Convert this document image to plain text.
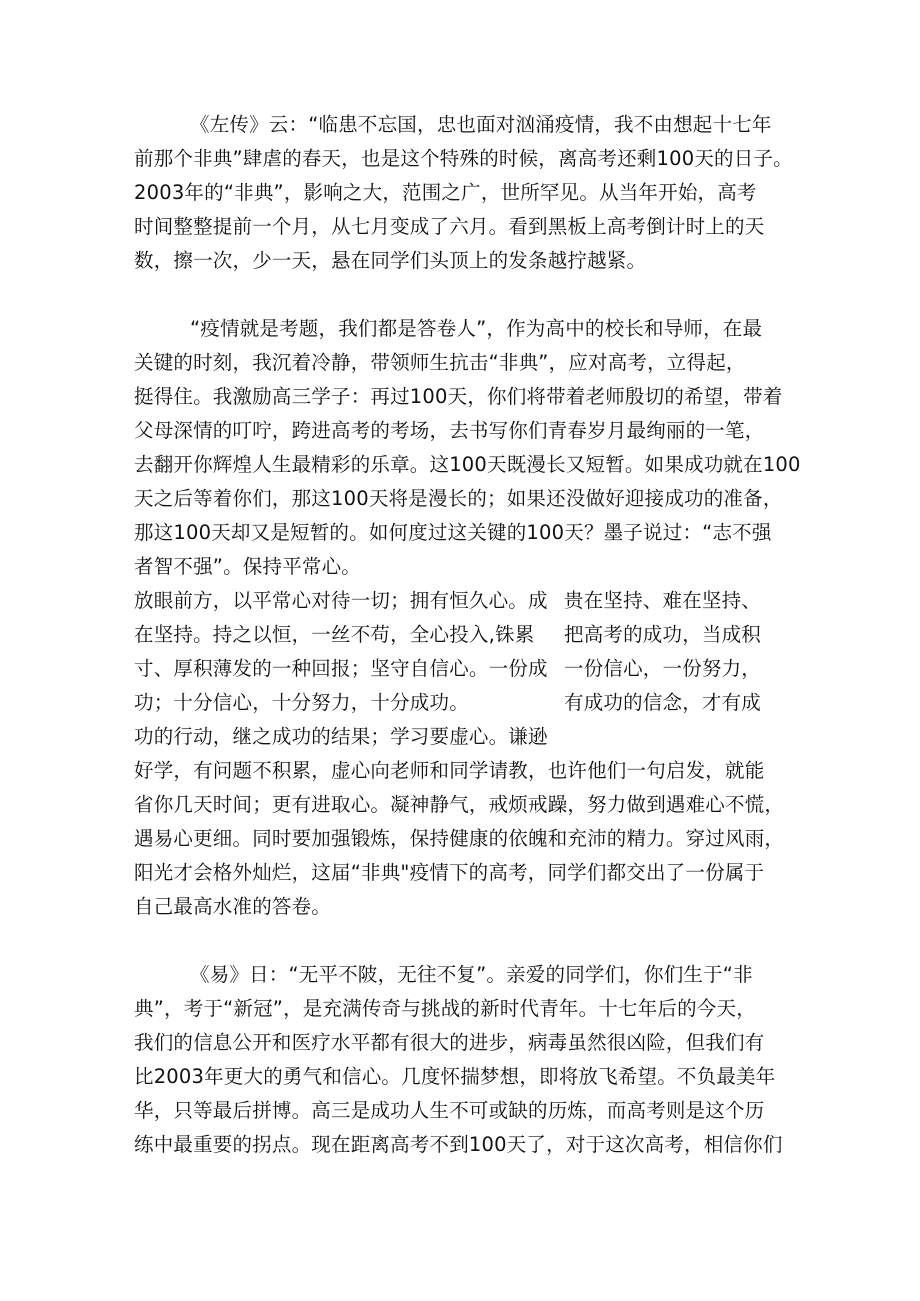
《左传》云：“临患不忘国，忠也面对汹涌疫情，我不由想起十七年
前那个非典”肆虐的春天，也是这个特殊的时候，离高考还剩100天的日子。
2003年的“非典”，影响之大，范围之广，世所罕见。从当年开始，高考
时间整整提前一个月，从七月变成了六月。看到黑板上高考倒计时上的天
数，擦一次，少一天，悬在同学们头顶上的发条越拧越紧。
“疫情就是考题，我们都是答卷人”，作为高中的校长和导师，在最
关键的时刻，我沉着冷静，带领师生抗击“非典”，应对高考，立得起，
挺得住。我激励高三学子：再过100天，你们将带着老师殷切的希望，带着
父母深情的叮咛，跨进高考的考场，去书写你们青春岁月最绚丽的一笔，
去翻开你辉煌人生最精彩的乐章。这100天既漫长又短暂。如果成功就在100
天之后等着你们，那这100天将是漫长的；如果还没做好迎接成功的准备，
那这100天却又是短暂的。如何度过这关键的100天？墨子说过：“志不强
者智不强”。保持平常心。
放眼前方，以平常心对待一切；拥有恒久心。成
在坚持。持之以恒，一丝不苟，全心投入,铢累
寸、厚积薄发的一种回报；坚守自信心。一份成
功；十分信心，十分努力，十分成功。
功的行动，继之成功的结果；学习要虚心。谦逊
贵在坚持、难在坚持、
把高考的成功，当成积
一份信心，一份努力，
有成功的信念，才有成
好学，有问题不积累，虚心向老师和同学请教，也许他们一句启发，就能
省你几天时间；更有进取心。凝神静气，戒烦戒躁，努力做到遇难心不慌，
遇易心更细。同时要加强锻炼，保持健康的依魄和充沛的精力。穿过风雨，
阳光才会格外灿烂，这届“非典"疫情下的高考，同学们都交出了一份属于
自己最高水准的答卷。
《易》日：“无平不陂，无往不复”。亲爱的同学们，你们生于“非
典”，考于“新冠”，是充满传奇与挑战的新时代青年。十七年后的今天，
我们的信息公开和医疗水平都有很大的进步，病毒虽然很凶险，但我们有
比2003年更大的勇气和信心。几度怀揣梦想，即将放飞希望。不负最美年
华，只等最后拼博。高三是成功人生不可或缺的历炼，而高考则是这个历
练中最重要的拐点。现在距离高考不到100天了，对于这次高考，相信你们
